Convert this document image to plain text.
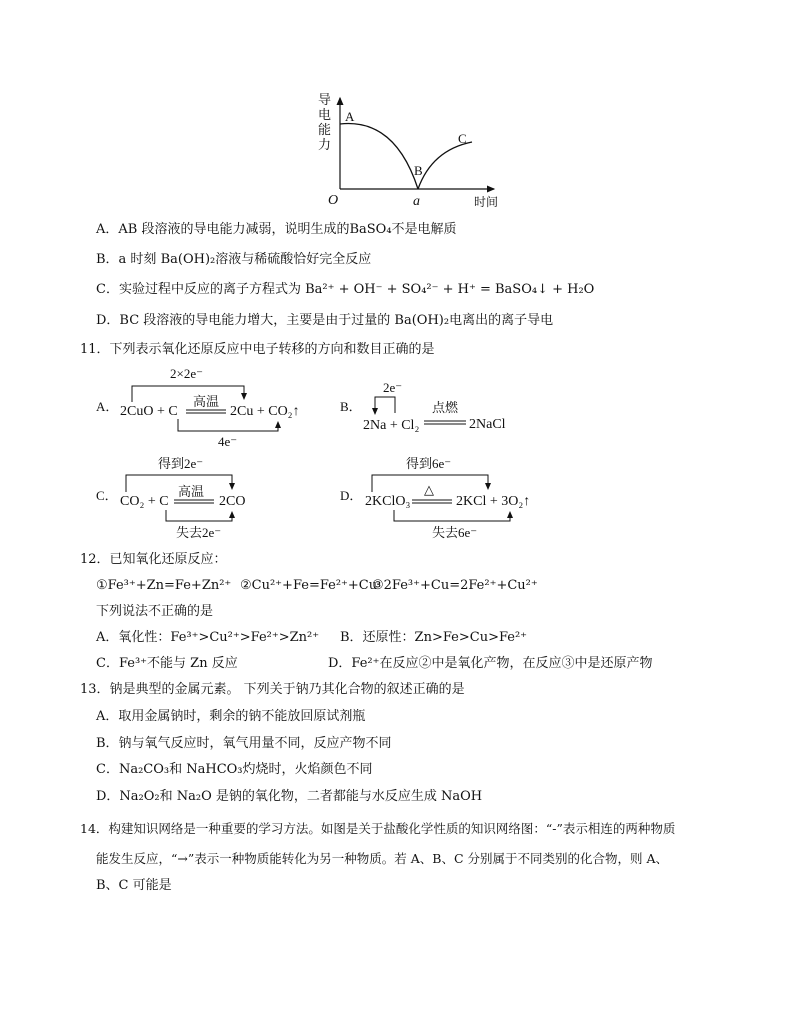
导
电
能
力
A
B
C
O	a	时间
A．AB 段溶液的导电能力减弱，说明生成的BaSO₄不是电解质
B．a 时刻 Ba(OH)₂溶液与稀硫酸恰好完全反应
C．实验过程中反应的离子方程式为 Ba²⁺ + OH⁻ + SO₄²⁻ + H⁺ = BaSO₄↓ + H₂O
D．BC 段溶液的导电能力增大，主要是由于过量的 Ba(OH)₂电离出的离子导电
11．下列表示氧化还原反应中电子转移的方向和数目正确的是
A．
2×2e⁻
2CuO + C
高温
2Cu + CO₂↑
4e⁻
B．
2e⁻
2Na + Cl₂
点燃
2NaCl
C．
得到2e⁻
CO₂ + C
高温
2CO
失去2e⁻
D．
得到6e⁻
2KClO₃
△
2KCl + 3O₂↑
失去6e⁻
12．已知氧化还原反应：
①Fe³⁺+Zn=Fe+Zn²⁺ ②Cu²⁺+Fe=Fe²⁺+Cu
③2Fe³⁺+Cu=2Fe²⁺+Cu²⁺
下列说法不正确的是
A．氧化性：Fe³⁺>Cu²⁺>Fe²⁺>Zn²⁺ B．还原性：Zn>Fe>Cu>Fe²⁺
C．Fe³⁺不能与 Zn 反应	D．Fe²⁺在反应②中是氧化产物，在反应③中是还原产物
13．钠是典型的金属元素。 下列关于钠乃其化合物的叙述正确的是
A．取用金属钠时，剩余的钠不能放回原试剂瓶
B．钠与氧气反应时，氧气用量不同，反应产物不同
C．Na₂CO₃和 NaHCO₃灼烧时，火焰颜色不同
D．Na₂O₂和 Na₂O 是钠的氧化物，二者都能与水反应生成 NaOH
14．构建知识网络是一种重要的学习方法。如图是关于盐酸化学性质的知识网络图：“-”表示相连的两种物质
能发生反应，“→”表示一种物质能转化为另一种物质。若 A、B、C 分别属于不同类别的化合物，则 A、
B、C 可能是
